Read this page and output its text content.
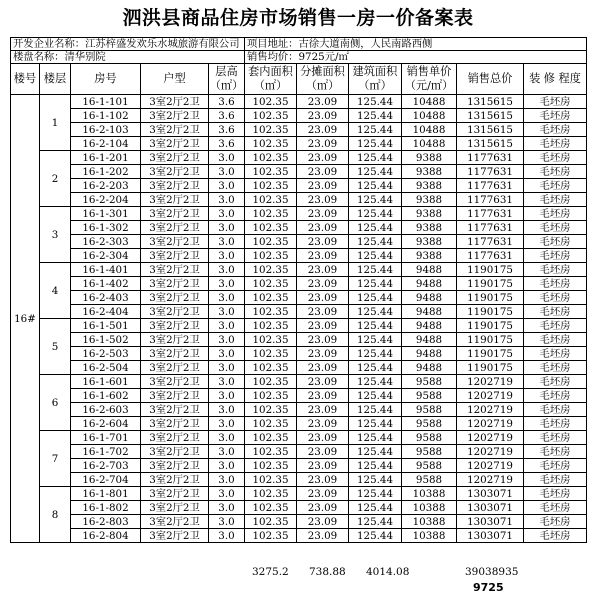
泗洪县商品住房市场销售一房一价备案表
开发企业名称：江苏梓盛发欢乐水城旅游有限公司					项目地址：古徐大道南侧，人民南路西侧					
楼盘名称：清华别院					销售均价：9725元/㎡					
楼号	楼层	房号	户型	层高（㎡）	套内面积（㎡）	分摊面积（㎡）	建筑面积（㎡）	销售单价（元/㎡）	销售总价	装 修 程度
16#	1	16-1-101	3室2厅2卫	3.6	102.35	23.09	125.44	10488	1315615	毛坯房
		16-1-102	3室2厅2卫	3.6	102.35	23.09	125.44	10488	1315615	毛坯房
		16-2-103	3室2厅2卫	3.6	102.35	23.09	125.44	10488	1315615	毛坯房
		16-2-104	3室2厅2卫	3.6	102.35	23.09	125.44	10488	1315615	毛坯房
	2	16-1-201	3室2厅2卫	3.0	102.35	23.09	125.44	9388	1177631	毛坯房
		16-1-202	3室2厅2卫	3.0	102.35	23.09	125.44	9388	1177631	毛坯房
		16-2-203	3室2厅2卫	3.0	102.35	23.09	125.44	9388	1177631	毛坯房
		16-2-204	3室2厅2卫	3.0	102.35	23.09	125.44	9388	1177631	毛坯房
	3	16-1-301	3室2厅2卫	3.0	102.35	23.09	125.44	9388	1177631	毛坯房
		16-1-302	3室2厅2卫	3.0	102.35	23.09	125.44	9388	1177631	毛坯房
		16-2-303	3室2厅2卫	3.0	102.35	23.09	125.44	9388	1177631	毛坯房
		16-2-304	3室2厅2卫	3.0	102.35	23.09	125.44	9388	1177631	毛坯房
	4	16-1-401	3室2厅2卫	3.0	102.35	23.09	125.44	9488	1190175	毛坯房
		16-1-402	3室2厅2卫	3.0	102.35	23.09	125.44	9488	1190175	毛坯房
		16-2-403	3室2厅2卫	3.0	102.35	23.09	125.44	9488	1190175	毛坯房
		16-2-404	3室2厅2卫	3.0	102.35	23.09	125.44	9488	1190175	毛坯房
	5	16-1-501	3室2厅2卫	3.0	102.35	23.09	125.44	9488	1190175	毛坯房
		16-1-502	3室2厅2卫	3.0	102.35	23.09	125.44	9488	1190175	毛坯房
		16-2-503	3室2厅2卫	3.0	102.35	23.09	125.44	9488	1190175	毛坯房
		16-2-504	3室2厅2卫	3.0	102.35	23.09	125.44	9488	1190175	毛坯房
	6	16-1-601	3室2厅2卫	3.0	102.35	23.09	125.44	9588	1202719	毛坯房
		16-1-602	3室2厅2卫	3.0	102.35	23.09	125.44	9588	1202719	毛坯房
		16-2-603	3室2厅2卫	3.0	102.35	23.09	125.44	9588	1202719	毛坯房
		16-2-604	3室2厅2卫	3.0	102.35	23.09	125.44	9588	1202719	毛坯房
	7	16-1-701	3室2厅2卫	3.0	102.35	23.09	125.44	9588	1202719	毛坯房
		16-1-702	3室2厅2卫	3.0	102.35	23.09	125.44	9588	1202719	毛坯房
		16-2-703	3室2厅2卫	3.0	102.35	23.09	125.44	9588	1202719	毛坯房
		16-2-704	3室2厅2卫	3.0	102.35	23.09	125.44	9588	1202719	毛坯房
	8	16-1-801	3室2厅2卫	3.0	102.35	23.09	125.44	10388	1303071	毛坯房
		16-1-802	3室2厅2卫	3.0	102.35	23.09	125.44	10388	1303071	毛坯房
		16-2-803	3室2厅2卫	3.0	102.35	23.09	125.44	10388	1303071	毛坯房
		16-2-804	3室2厅2卫	3.0	102.35	23.09	125.44	10388	1303071	毛坯房
3275.2 738.88 4014.08	39038935
9725
